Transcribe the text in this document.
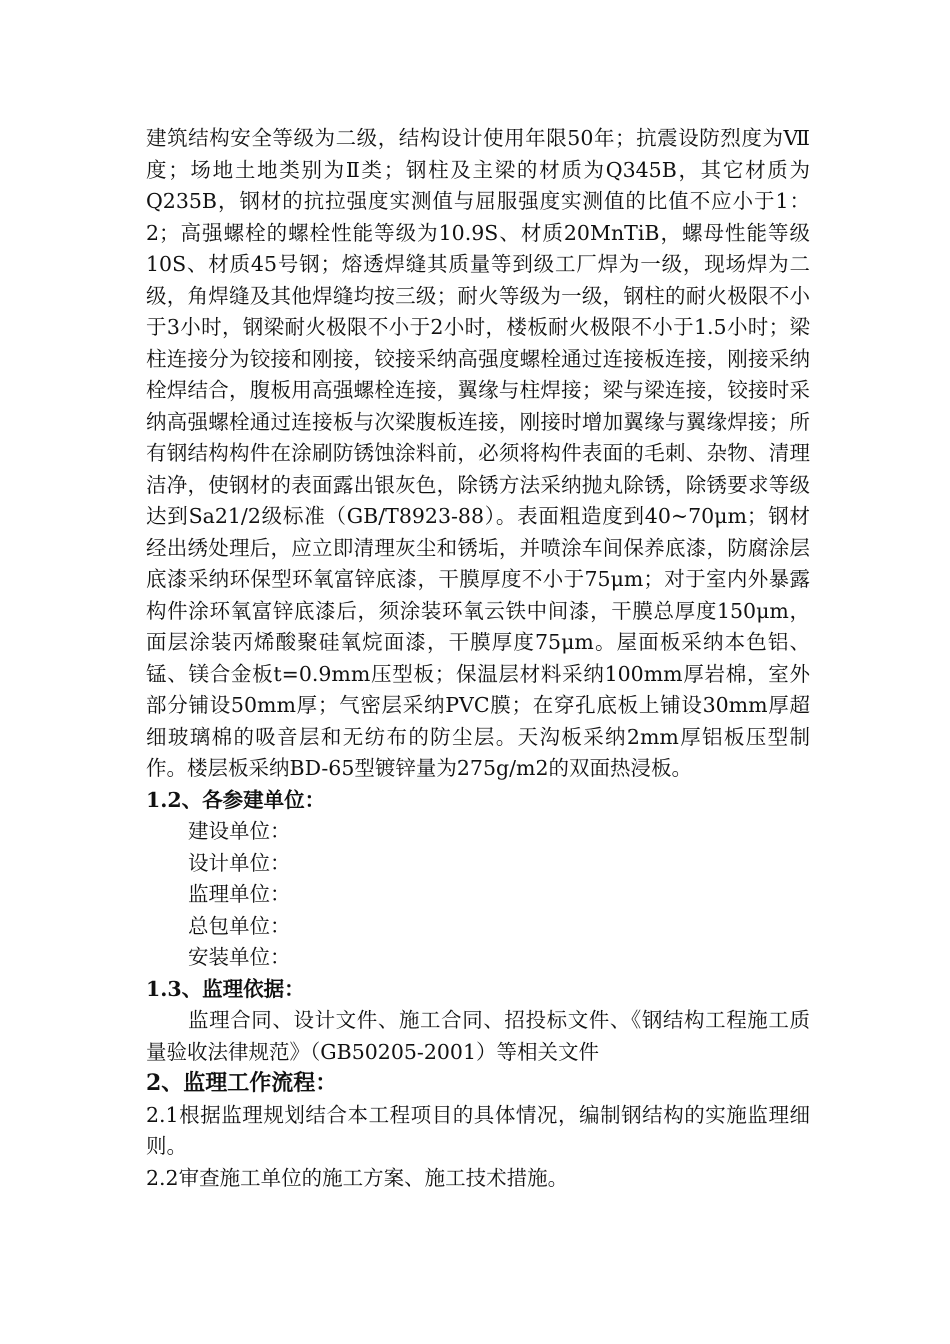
建筑结构安全等级为二级，结构设计使用年限50年；抗震设防烈度为Ⅶ度；场地土地类别为Ⅱ类；钢柱及主梁的材质为Q345B，其它材质为Q235B，钢材的抗拉强度实测值与屈服强度实测值的比值不应小于1：2；高强螺栓的螺栓性能等级为10.9S、材质20MnTiB，螺母性能等级10S、材质45号钢；熔透焊缝其质量等到级工厂焊为一级，现场焊为二级，角焊缝及其他焊缝均按三级；耐火等级为一级，钢柱的耐火极限不小于3小时，钢梁耐火极限不小于2小时，楼板耐火极限不小于1.5小时；梁柱连接分为铰接和刚接，铰接采纳高强度螺栓通过连接板连接，刚接采纳栓焊结合，腹板用高强螺栓连接，翼缘与柱焊接；梁与梁连接，铰接时采纳高强螺栓通过连接板与次梁腹板连接，刚接时增加翼缘与翼缘焊接；所有钢结构构件在涂刷防锈蚀涂料前，必须将构件表面的毛刺、杂物、清理洁净，使钢材的表面露出银灰色，除锈方法采纳抛丸除锈，除锈要求等级达到Sa21/2级标准（GB/T8923-88）。表面粗造度到40~70μm；钢材经出绣处理后，应立即清理灰尘和锈垢，并喷涂车间保养底漆，防腐涂层底漆采纳环保型环氧富锌底漆，干膜厚度不小于75μm；对于室内外暴露构件涂环氧富锌底漆后，须涂装环氧云铁中间漆，干膜总厚度150μm，面层涂装丙烯酸聚硅氧烷面漆，干膜厚度75μm。屋面板采纳本色铝、锰、镁合金板t=0.9mm压型板；保温层材料采纳100mm厚岩棉，室外部分铺设50mm厚；气密层采纳PVC膜；在穿孔底板上铺设30mm厚超细玻璃棉的吸音层和无纺布的防尘层。天沟板采纳2mm厚铝板压型制作。楼层板采纳BD-65型镀锌量为275g/m2的双面热浸板。

1.2、各参建单位：

建设单位：

设计单位：

监理单位：

总包单位：

安装单位：

1.3、监理依据：

监理合同、设计文件、施工合同、招投标文件、《钢结构工程施工质量验收法律规范》（GB50205-2001）等相关文件

2、监理工作流程：

2.1根据监理规划结合本工程项目的具体情况，编制钢结构的实施监理细则。

2.2审查施工单位的施工方案、施工技术措施。
